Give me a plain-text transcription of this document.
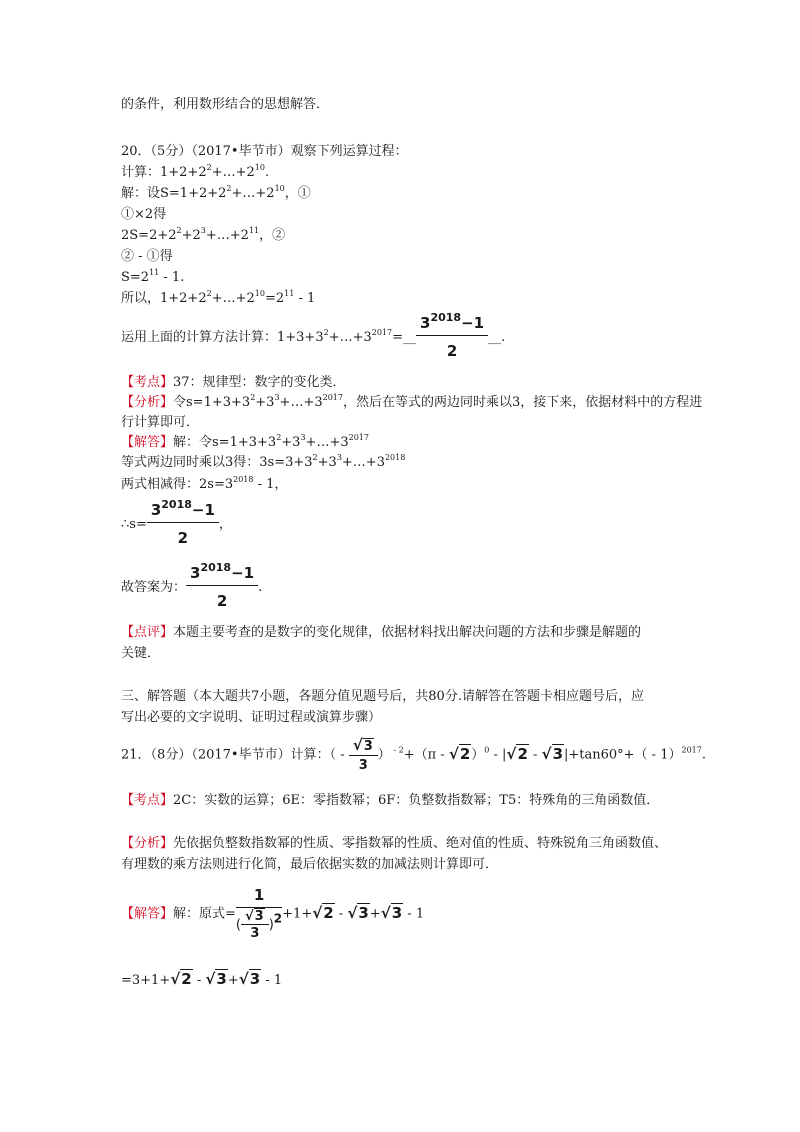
的条件，利用数形结合的思想解答．
20．（5分）（2017•毕节市）观察下列运算过程：
计算：$1+2+2^2+\dots+2^{10}$.
解：设$S=1+2+2^2+\dots+2^{10}$，①
①×2得
$2S=2+2^2+2^3+\dots+2^{11}$，②
② - ①得
$S=2^{11} - 1$.
所以，$1+2+2^2+\dots+2^{10}=2^{11} - 1$
运用上面的计算方法计算：$1+3+3^2+\dots+3^{2017}=\_\_ \frac{3^{2018}-1}{2}$ __.
【考点】37：规律型：数字的变化类．
【分析】令$s=1+3+3^2+3^3+\dots+3^{2017}$，然后在等式的两边同时乘以3，接下来，依据材料中的方程进
行计算即可．
【解答】解：令$s=1+3+3^2+3^3+\dots+3^{2017}$
等式两边同时乘以3得：$3s=3+3^2+3^3+\dots+3^{2018}$
两式相减得：$2s=3^{2018} - 1$，
∴s= $\frac{3^{2018}-1}{2}$ ，
故答案为： $\frac{3^{2018}-1}{2}$ .
【点评】本题主要考查的是数字的变化规律，依据材料找出解决问题的方法和步骤是解题的
关键．
三、解答题（本大题共7小题，各题分值见题号后，共80分.请解答在答题卡相应题号后，应
写出必要的文字说明、证明过程或演算步骤）
21．（8分）（2017•毕节市）计算：（ - $\frac{√3}{3}$ ） $^{- 2}$+（π - √2）$^0$ - |√2 - √3|+tan60°+（ - 1）$^{2017}$.
【考点】2C：实数的运算；6E：零指数幂；6F：负整数指数幂；T5：特殊角的三角函数值．
【分析】先依据负整数指数幂的性质、零指数幂的性质、绝对值的性质、特殊锐角三角函数值、
有理数的乘方法则进行化简，最后依据实数的加减法则计算即可．
【解答】解：原式= $\frac{1}{( \frac{√3}{3} )^2} +1+√2 - √3+√3 - 1$
=3+1+√2 - √3+√3 - 1
